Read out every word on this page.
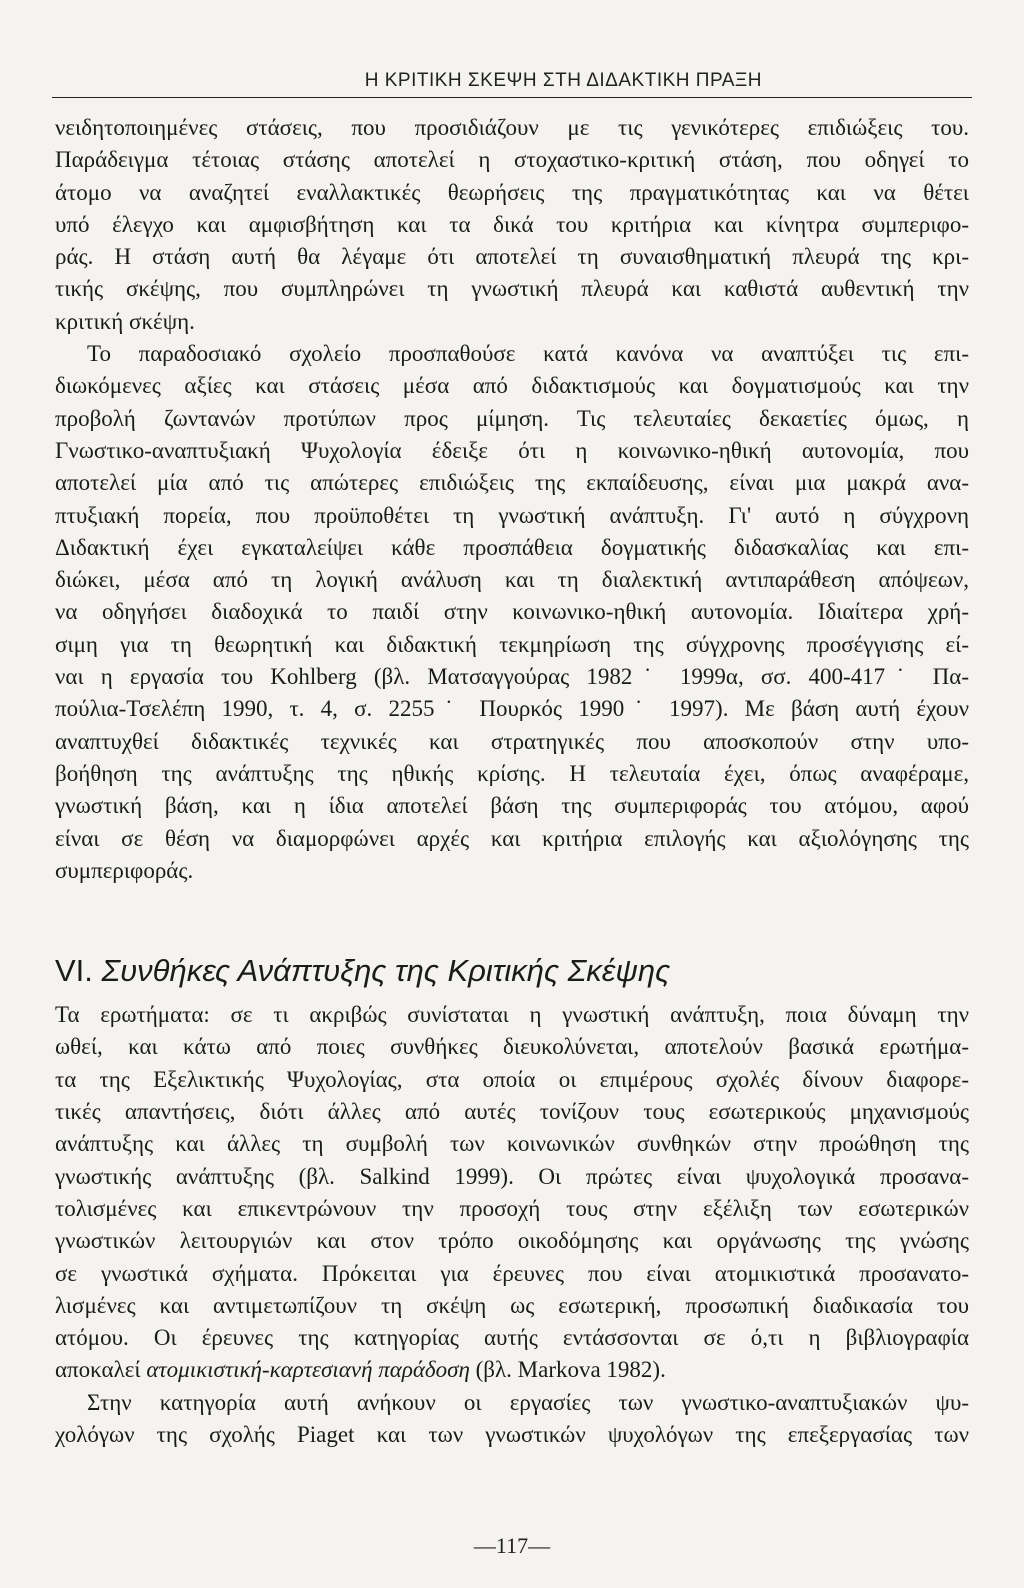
Η ΚΡΙΤΙΚΗ ΣΚΕΨΗ ΣΤΗ ΔΙΔΑΚΤΙΚΗ ΠΡΑΞΗ

νειδητοποιημένες στάσεις, που προσιδιάζουν με τις γενικότερες επιδιώξεις του.
Παράδειγμα τέτοιας στάσης αποτελεί η στοχαστικο-κριτική στάση, που οδηγεί το
άτομο να αναζητεί εναλλακτικές θεωρήσεις της πραγματικότητας και να θέτει
υπό έλεγχο και αμφισβήτηση και τα δικά του κριτήρια και κίνητρα συμπεριφο-
ράς. Η στάση αυτή θα λέγαμε ότι αποτελεί τη συναισθηματική πλευρά της κρι-
τικής σκέψης, που συμπληρώνει τη γνωστική πλευρά και καθιστά αυθεντική την
κριτική σκέψη.

Το παραδοσιακό σχολείο προσπαθούσε κατά κανόνα να αναπτύξει τις επι-
διωκόμενες αξίες και στάσεις μέσα από διδακτισμούς και δογματισμούς και την
προβολή ζωντανών προτύπων προς μίμηση. Τις τελευταίες δεκαετίες όμως, η
Γνωστικο-αναπτυξιακή Ψυχολογία έδειξε ότι η κοινωνικο-ηθική αυτονομία, που
αποτελεί μία από τις απώτερες επιδιώξεις της εκπαίδευσης, είναι μια μακρά ανα-
πτυξιακή πορεία, που προϋποθέτει τη γνωστική ανάπτυξη. Γι' αυτό η σύγχρονη
Διδακτική έχει εγκαταλείψει κάθε προσπάθεια δογματικής διδασκαλίας και επι-
διώκει, μέσα από τη λογική ανάλυση και τη διαλεκτική αντιπαράθεση απόψεων,
να οδηγήσει διαδοχικά το παιδί στην κοινωνικο-ηθική αυτονομία. Ιδιαίτερα χρή-
σιμη για τη θεωρητική και διδακτική τεκμηρίωση της σύγχρονης προσέγγισης εί-
ναι η εργασία του Kohlberg (βλ. Ματσαγγούρας 1982˙ 1999α, σσ. 400-417˙ Πα-
πούλια-Τσελέπη 1990, τ. 4, σ. 2255˙ Πουρκός 1990˙ 1997). Με βάση αυτή έχουν
αναπτυχθεί διδακτικές τεχνικές και στρατηγικές που αποσκοπούν στην υπο-
βοήθηση της ανάπτυξης της ηθικής κρίσης. Η τελευταία έχει, όπως αναφέραμε,
γνωστική βάση, και η ίδια αποτελεί βάση της συμπεριφοράς του ατόμου, αφού
είναι σε θέση να διαμορφώνει αρχές και κριτήρια επιλογής και αξιολόγησης της
συμπεριφοράς.

VI. Συνθήκες Ανάπτυξης της Κριτικής Σκέψης

Τα ερωτήματα: σε τι ακριβώς συνίσταται η γνωστική ανάπτυξη, ποια δύναμη την
ωθεί, και κάτω από ποιες συνθήκες διευκολύνεται, αποτελούν βασικά ερωτήμα-
τα της Εξελικτικής Ψυχολογίας, στα οποία οι επιμέρους σχολές δίνουν διαφορε-
τικές απαντήσεις, διότι άλλες από αυτές τονίζουν τους εσωτερικούς μηχανισμούς
ανάπτυξης και άλλες τη συμβολή των κοινωνικών συνθηκών στην προώθηση της
γνωστικής ανάπτυξης (βλ. Salkind 1999). Οι πρώτες είναι ψυχολογικά προσανα-
τολισμένες και επικεντρώνουν την προσοχή τους στην εξέλιξη των εσωτερικών
γνωστικών λειτουργιών και στον τρόπο οικοδόμησης και οργάνωσης της γνώσης
σε γνωστικά σχήματα. Πρόκειται για έρευνες που είναι ατομικιστικά προσανατο-
λισμένες και αντιμετωπίζουν τη σκέψη ως εσωτερική, προσωπική διαδικασία του
ατόμου. Οι έρευνες της κατηγορίας αυτής εντάσσονται σε ό,τι η βιβλιογραφία
αποκαλεί ατομικιστική-καρτεσιανή παράδοση (βλ. Markova 1982).

Στην κατηγορία αυτή ανήκουν οι εργασίες των γνωστικο-αναπτυξιακών ψυ-
χολόγων της σχολής Piaget και των γνωστικών ψυχολόγων της επεξεργασίας των

—117—
